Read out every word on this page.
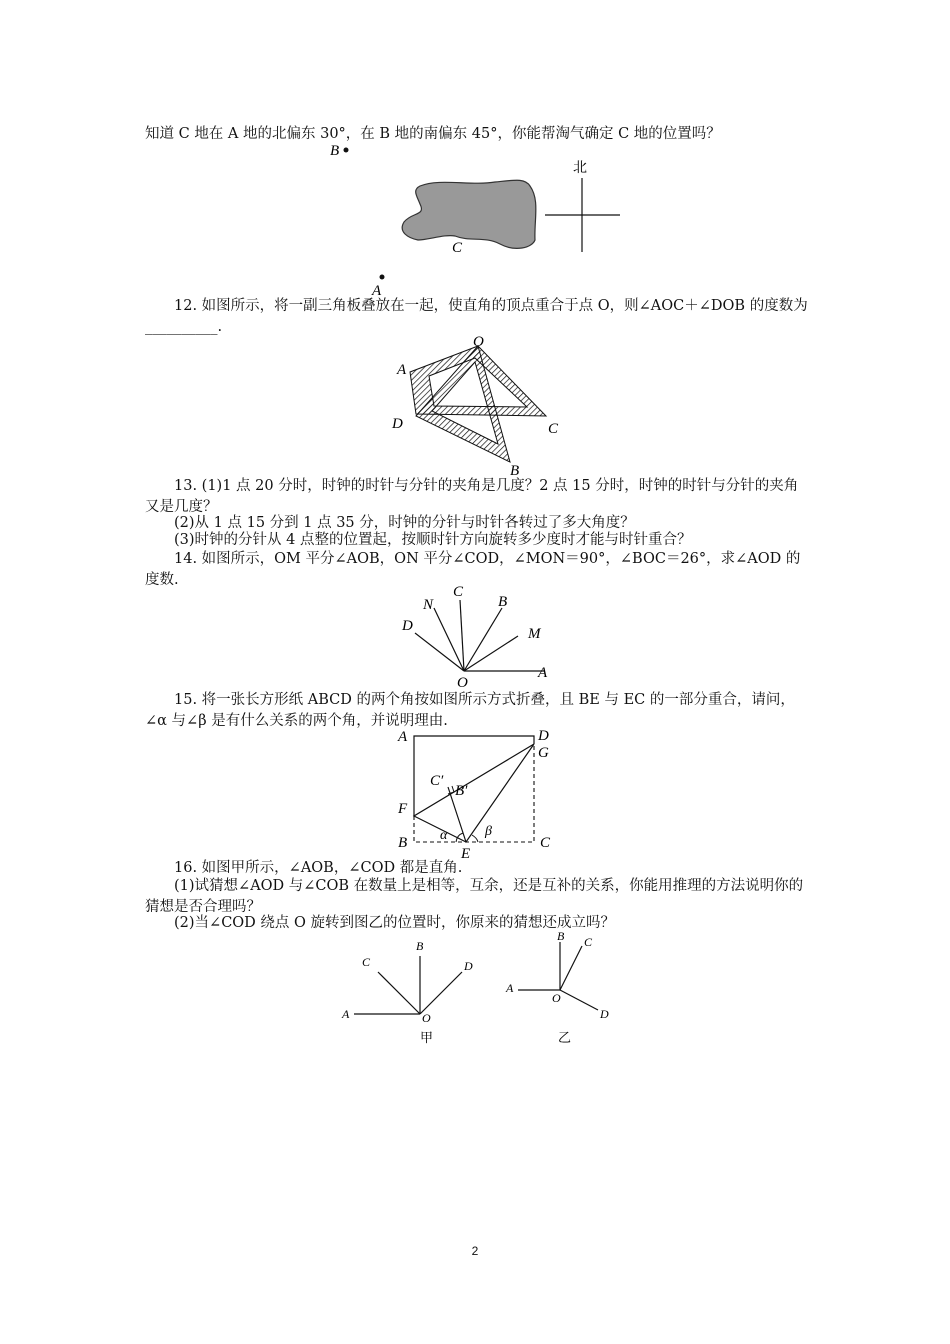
知道 C 地在 A 地的北偏东 30°，在 B 地的南偏东 45°，你能帮淘气确定 C 地的位置吗？

B
C
北
A

12. 如图所示，将一副三角板叠放在一起，使直角的顶点重合于点 O，则∠AOC＋∠DOB 的度数为__________.

O
A
D	C
B

13. (1)1 点 20 分时，时钟的时针与分针的夹角是几度？2 点 15 分时，时钟的时针与分针的夹角又是几度？

(2)从 1 点 15 分到 1 点 35 分，时钟的分针与时针各转过了多大角度？

(3)时钟的分针从 4 点整的位置起，按顺时针方向旋转多少度时才能与时针重合？

14. 如图所示，OM 平分∠AOB，ON 平分∠COD，∠MON＝90°，∠BOC＝26°，求∠AOD 的度数.

C
N	B
D	M
A
O

15. 将一张长方形纸 ABCD 的两个角按如图所示方式折叠，且 BE 与 EC 的一部分重合，请问，∠α 与∠β 是有什么关系的两个角，并说明理由.

A	D
G
C′
B′
F
B α	β
C
E

16. 如图甲所示，∠AOB，∠COD 都是直角.

(1)试猜想∠AOD 与∠COB 在数量上是相等，互余，还是互补的关系，你能用推理的方法说明你的猜想是否合理吗？

(2)当∠COD 绕点 O 旋转到图乙的位置时，你原来的猜想还成立吗？

B
C	D
A	O
甲
B C
A
O
D
乙
2
